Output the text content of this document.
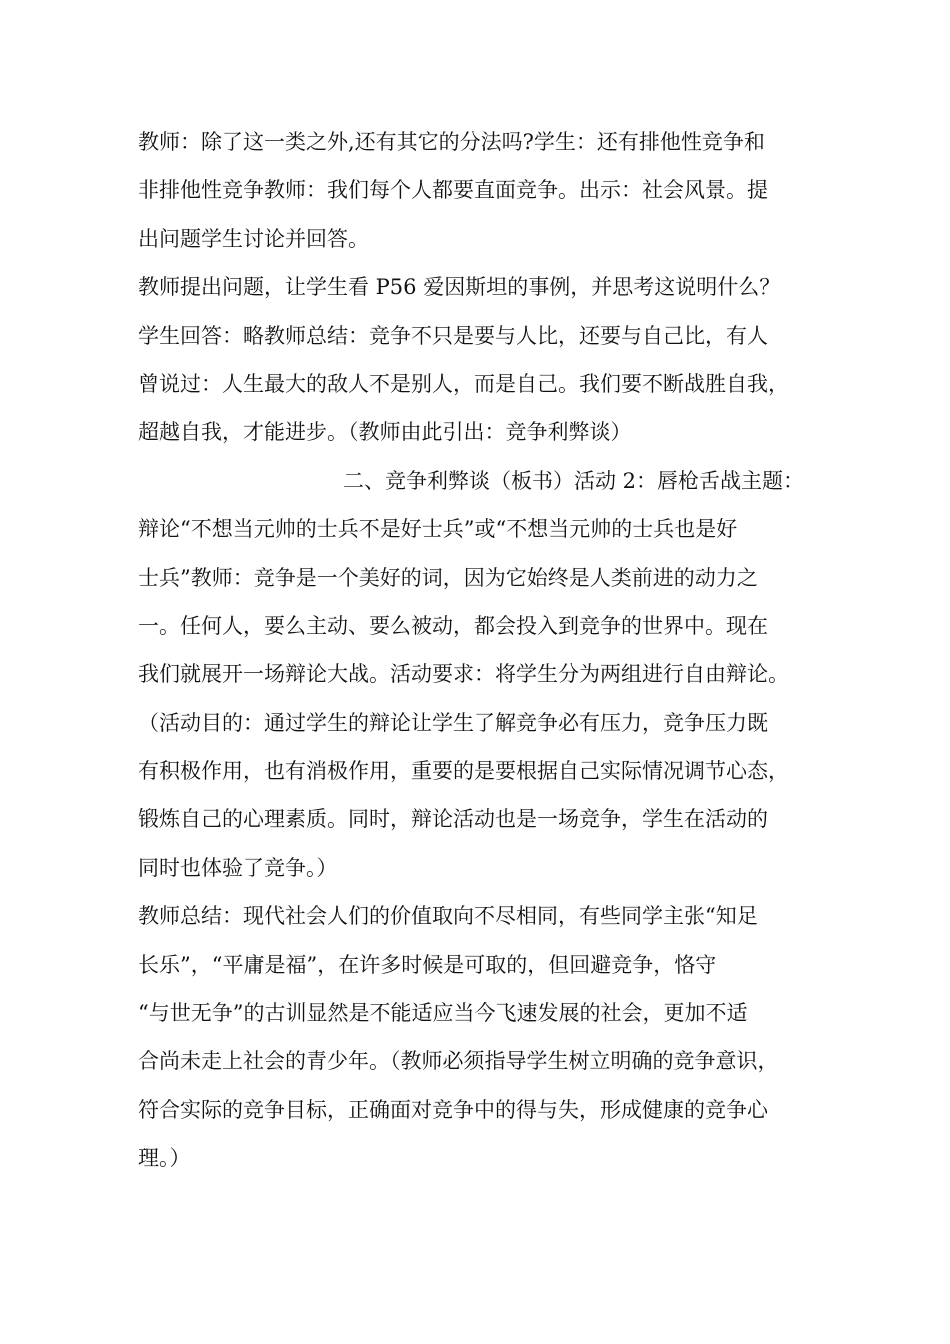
教师：除了这一类之外,还有其它的分法吗?学生：还有排他性竞争和
非排他性竞争教师：我们每个人都要直面竞争。出示：社会风景。提
出问题学生讨论并回答。
教师提出问题，让学生看 P56 爱因斯坦的事例，并思考这说明什么？
学生回答：略教师总结：竞争不只是要与人比，还要与自己比，有人
曾说过：人生最大的敌人不是别人，而是自己。我们要不断战胜自我，
超越自我，才能进步。（教师由此引出：竞争利弊谈）
二、竞争利弊谈（板书）活动 2：唇枪舌战主题：
辩论“不想当元帅的士兵不是好士兵”或“不想当元帅的士兵也是好
士兵”教师：竞争是一个美好的词，因为它始终是人类前进的动力之
一。任何人，要么主动、要么被动，都会投入到竞争的世界中。现在
我们就展开一场辩论大战。活动要求：将学生分为两组进行自由辩论。
（活动目的：通过学生的辩论让学生了解竞争必有压力，竞争压力既
有积极作用，也有消极作用，重要的是要根据自己实际情况调节心态，
锻炼自己的心理素质。同时，辩论活动也是一场竞争，学生在活动的
同时也体验了竞争。）
教师总结：现代社会人们的价值取向不尽相同，有些同学主张“知足
长乐”，“平庸是福”，在许多时候是可取的，但回避竞争，恪守
“与世无争”的古训显然是不能适应当今飞速发展的社会，更加不适
合尚未走上社会的青少年。（教师必须指导学生树立明确的竞争意识，
符合实际的竞争目标，正确面对竞争中的得与失，形成健康的竞争心
理。）
